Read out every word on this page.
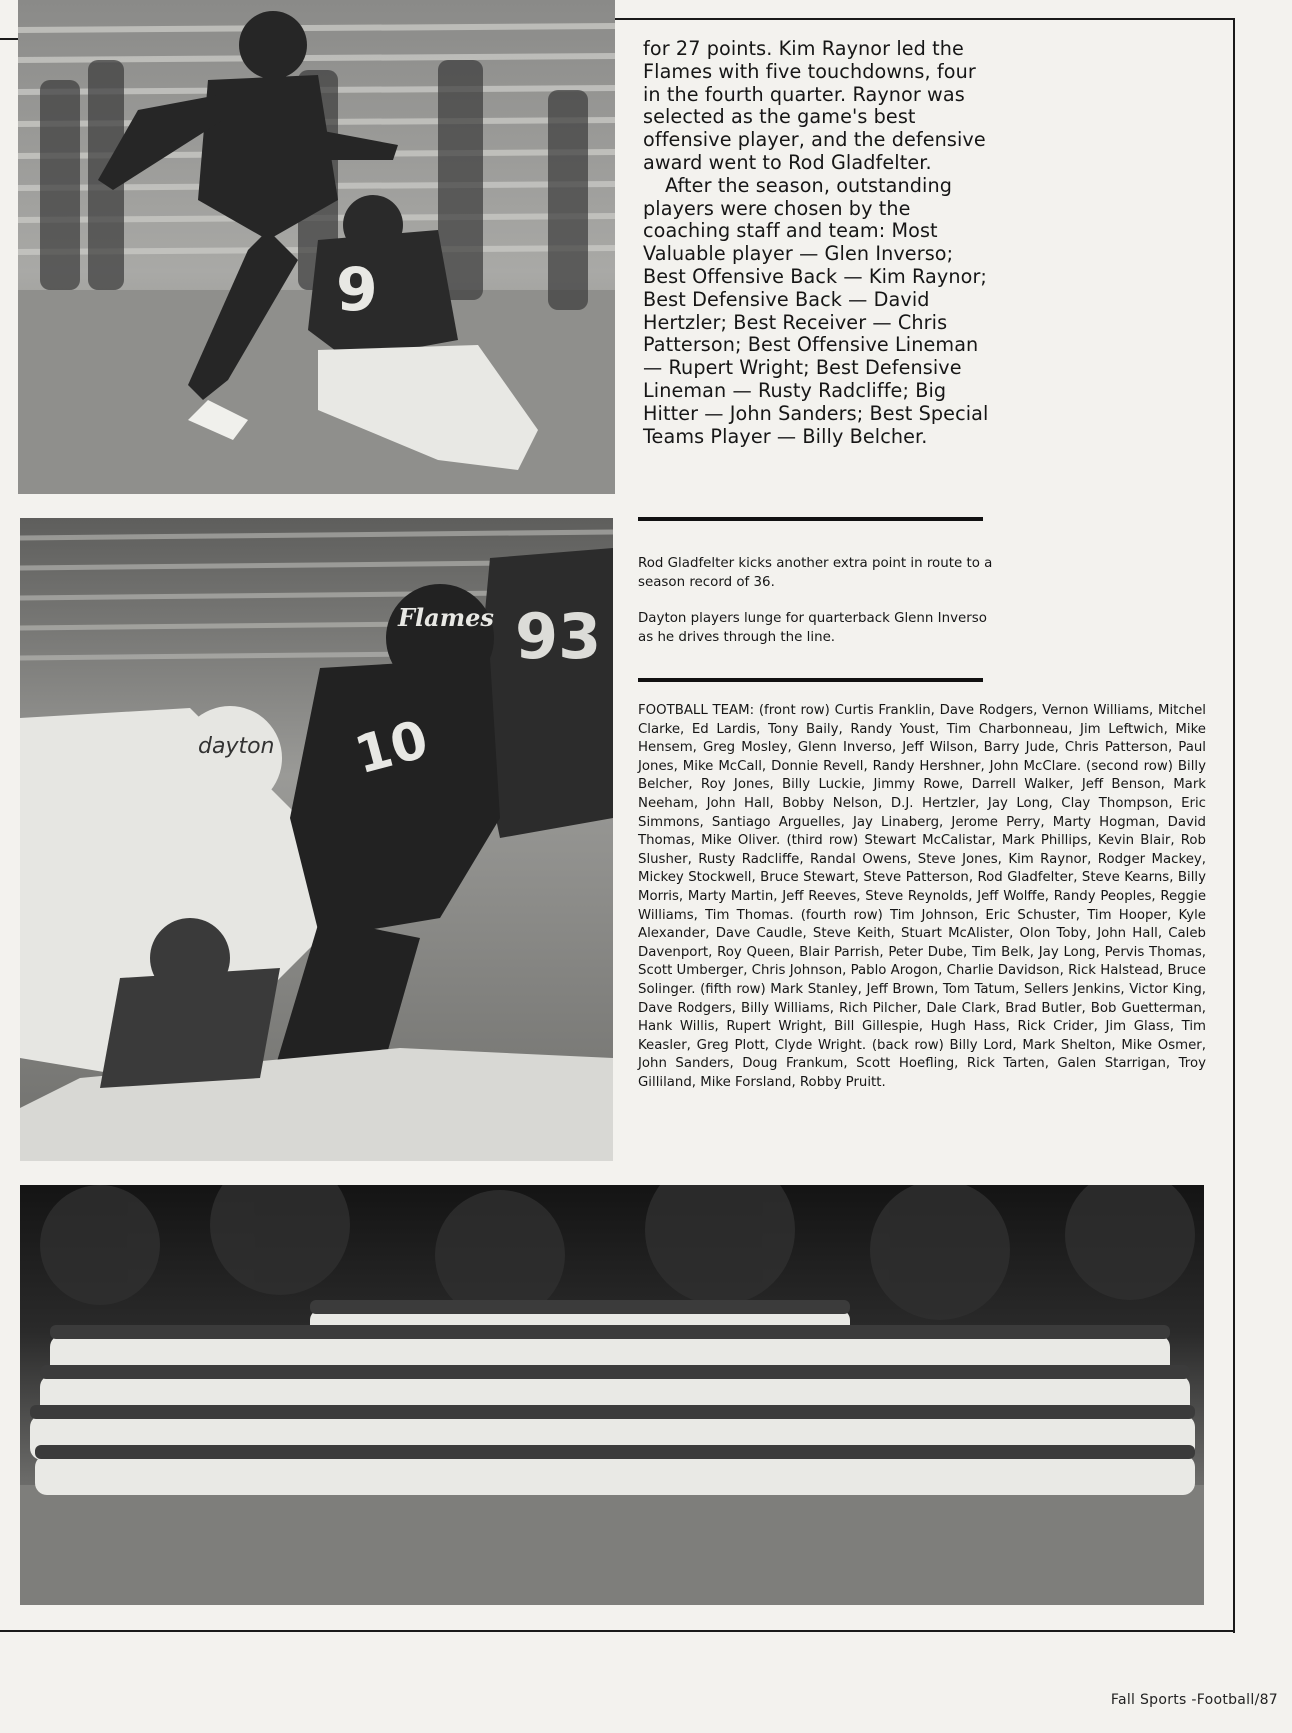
9
93
dayton
Flames
10

for 27 points. Kim Raynor led the Flames with five touchdowns, four in the fourth quarter. Raynor was selected as the game's best offensive player, and the defensive award went to Rod Gladfelter.

After the season, outstanding players were chosen by the coaching staff and team: Most Valuable player — Glen Inverso; Best Offensive Back — Kim Raynor; Best Defensive Back — David Hertzler; Best Receiver — Chris Patterson; Best Offensive Lineman — Rupert Wright; Best Defensive Lineman — Rusty Radcliffe; Big Hitter — John Sanders; Best Special Teams Player — Billy Belcher.

Rod Gladfelter kicks another extra point in route to a season record of 36.

Dayton players lunge for quarterback Glenn Inverso as he drives through the line.

FOOTBALL TEAM: (front row) Curtis Franklin, Dave Rodgers, Vernon Williams, Mitchel Clarke, Ed Lardis, Tony Baily, Randy Youst, Tim Charbonneau, Jim Leftwich, Mike Hensem, Greg Mosley, Glenn Inverso, Jeff Wilson, Barry Jude, Chris Patterson, Paul Jones, Mike McCall, Donnie Revell, Randy Hershner, John McClare. (second row) Billy Belcher, Roy Jones, Billy Luckie, Jimmy Rowe, Darrell Walker, Jeff Benson, Mark Neeham, John Hall, Bobby Nelson, D.J. Hertzler, Jay Long, Clay Thompson, Eric Simmons, Santiago Arguelles, Jay Linaberg, Jerome Perry, Marty Hogman, David Thomas, Mike Oliver. (third row) Stewart McCalistar, Mark Phillips, Kevin Blair, Rob Slusher, Rusty Radcliffe, Randal Owens, Steve Jones, Kim Raynor, Rodger Mackey, Mickey Stockwell, Bruce Stewart, Steve Patterson, Rod Gladfelter, Steve Kearns, Billy Morris, Marty Martin, Jeff Reeves, Steve Reynolds, Jeff Wolffe, Randy Peoples, Reggie Williams, Tim Thomas. (fourth row) Tim Johnson, Eric Schuster, Tim Hooper, Kyle Alexander, Dave Caudle, Steve Keith, Stuart McAlister, Olon Toby, John Hall, Caleb Davenport, Roy Queen, Blair Parrish, Peter Dube, Tim Belk, Jay Long, Pervis Thomas, Scott Umberger, Chris Johnson, Pablo Arogon, Charlie Davidson, Rick Halstead, Bruce Solinger. (fifth row) Mark Stanley, Jeff Brown, Tom Tatum, Sellers Jenkins, Victor King, Dave Rodgers, Billy Williams, Rich Pilcher, Dale Clark, Brad Butler, Bob Guetterman, Hank Willis, Rupert Wright, Bill Gillespie, Hugh Hass, Rick Crider, Jim Glass, Tim Keasler, Greg Plott, Clyde Wright. (back row) Billy Lord, Mark Shelton, Mike Osmer, John Sanders, Doug Frankum, Scott Hoefling, Rick Tarten, Galen Starrigan, Troy Gilliland, Mike Forsland, Robby Pruitt.
Fall Sports -Football/87
